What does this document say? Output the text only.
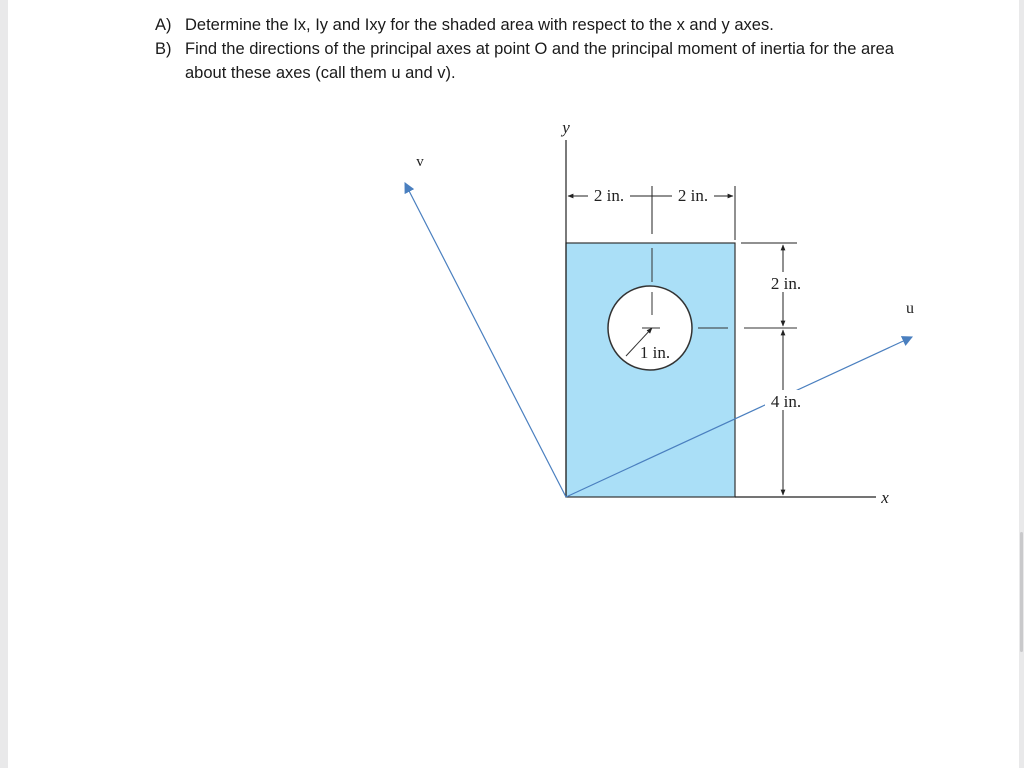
A) Determine the Ix, Iy and Ixy for the shaded area with respect to the x and y axes.
B) Find the directions of the principal axes at point O and the principal moment of inertia for the area about these axes (call them u and v).
y
x
u
v
2 in.	2 in.
2 in.
4 in.
1 in.
